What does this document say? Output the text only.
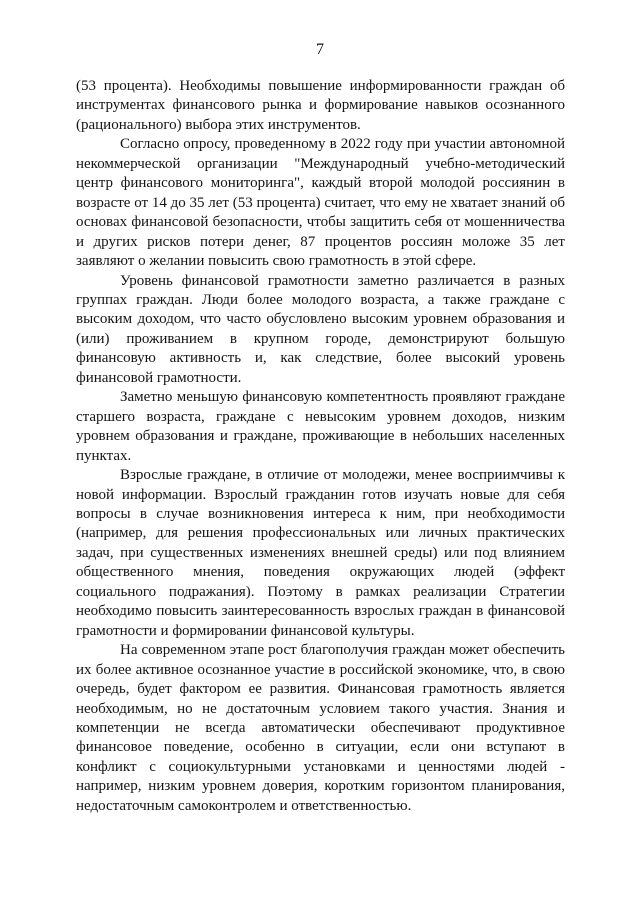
7

(53 процента). Необходимы повышение информированности граждан об инструментах финансового рынка и формирование навыков осознанного (рационального) выбора этих инструментов.

Согласно опросу, проведенному в 2022 году при участии автономной некоммерческой организации "Международный учебно-методический центр финансового мониторинга", каждый второй молодой россиянин в возрасте от 14 до 35 лет (53 процента) считает, что ему не хватает знаний об основах финансовой безопасности, чтобы защитить себя от мошенничества и других рисков потери денег, 87 процентов россиян моложе 35 лет заявляют о желании повысить свою грамотность в этой сфере.

Уровень финансовой грамотности заметно различается в разных группах граждан. Люди более молодого возраста, а также граждане с высоким доходом, что часто обусловлено высоким уровнем образования и (или) проживанием в крупном городе, демонстрируют большую финансовую активность и, как следствие, более высокий уровень финансовой грамотности.

Заметно меньшую финансовую компетентность проявляют граждане старшего возраста, граждане с невысоким уровнем доходов, низким уровнем образования и граждане, проживающие в небольших населенных пунктах.

Взрослые граждане, в отличие от молодежи, менее восприимчивы к новой информации. Взрослый гражданин готов изучать новые для себя вопросы в случае возникновения интереса к ним, при необходимости (например, для решения профессиональных или личных практических задач, при существенных изменениях внешней среды) или под влиянием общественного мнения, поведения окружающих людей (эффект социального подражания). Поэтому в рамках реализации Стратегии необходимо повысить заинтересованность взрослых граждан в финансовой грамотности и формировании финансовой культуры.

На современном этапе рост благополучия граждан может обеспечить их более активное осознанное участие в российской экономике, что, в свою очередь, будет фактором ее развития. Финансовая грамотность является необходимым, но не достаточным условием такого участия. Знания и компетенции не всегда автоматически обеспечивают продуктивное финансовое поведение, особенно в ситуации, если они вступают в конфликт с социокультурными установками и ценностями людей - например, низким уровнем доверия, коротким горизонтом планирования, недостаточным самоконтролем и ответственностью.
